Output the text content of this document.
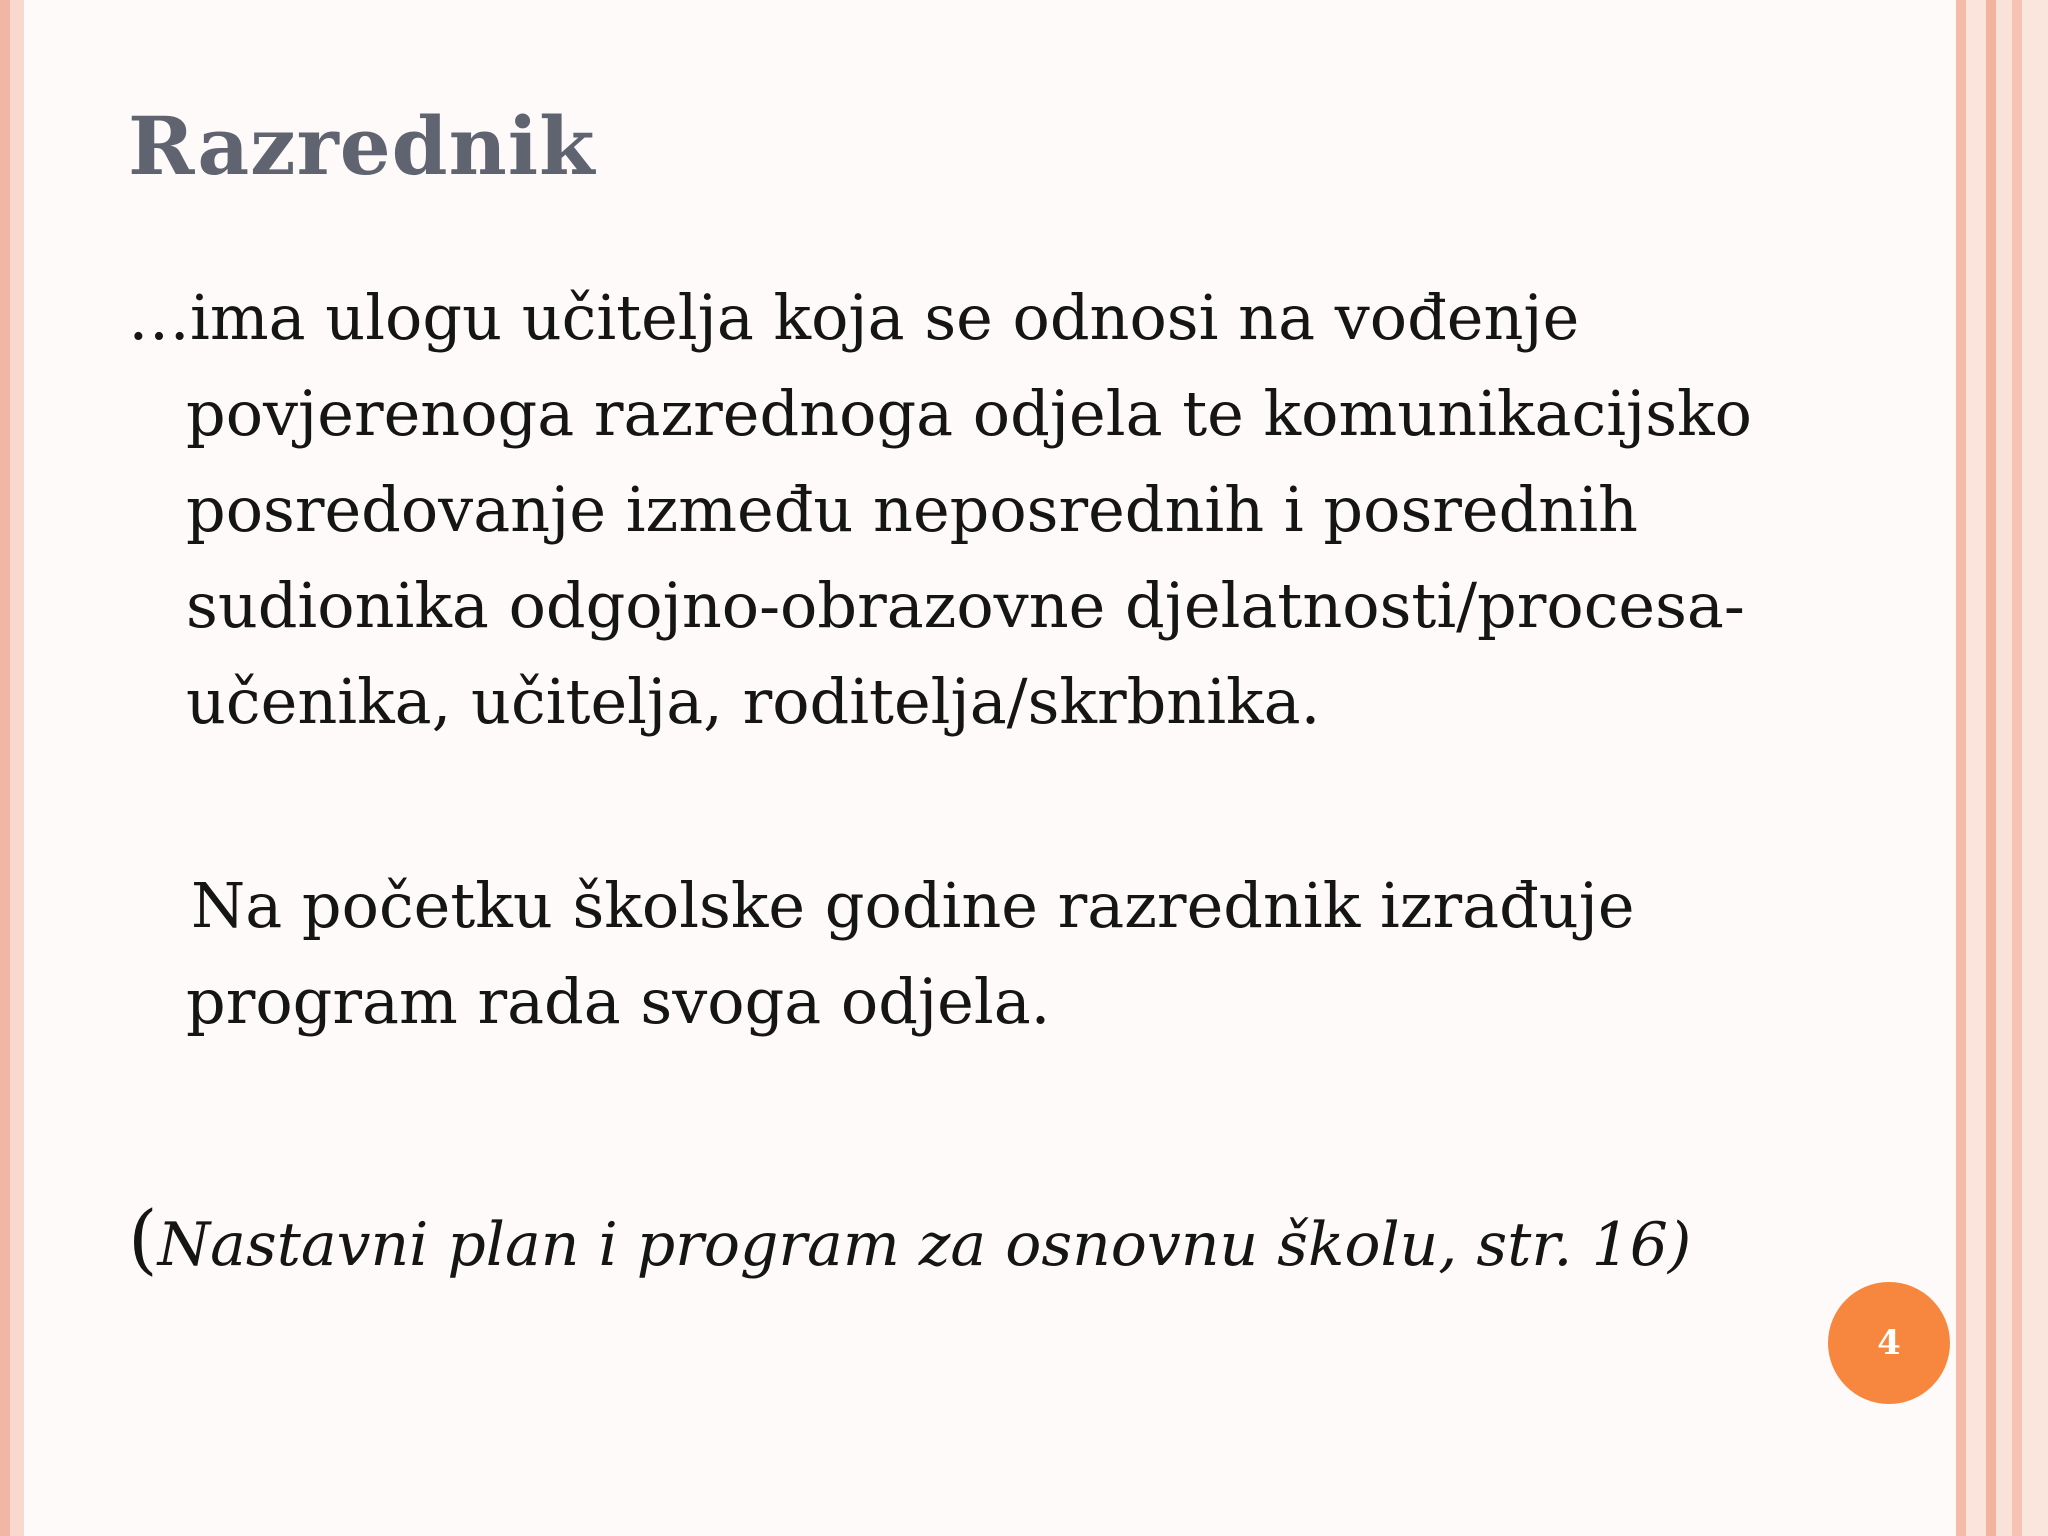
Razrednik

…ima ulogu učitelja koja se odnosi na vođenje povjerenoga razrednoga odjela te komunikacijsko posredovanje između neposrednih i posrednih sudionika odgojno-obrazovne djelatnosti/procesa- učenika, učitelja, roditelja/skrbnika.

Na početku školske godine razrednik izrađuje program rada svoga odjela.

(Nastavni plan i program za osnovnu školu, str. 16)

4
